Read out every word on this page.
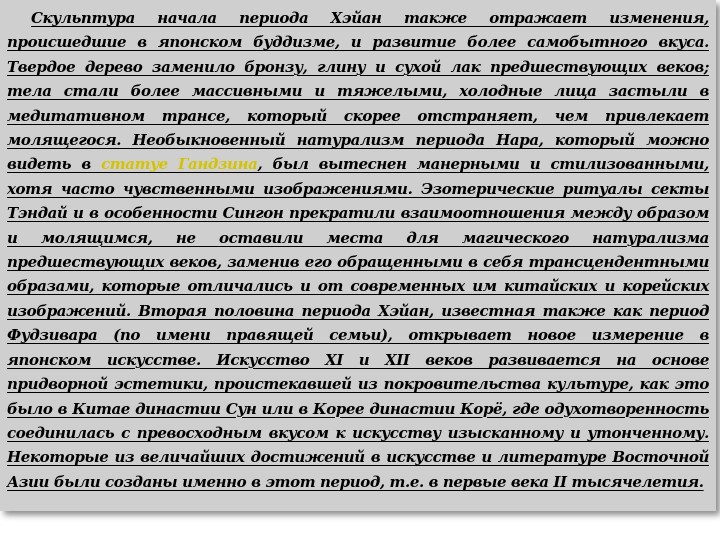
Скульптура начала периода Хэйан также отражает изменения, происшедшие в японском буддизме, и развитие более самобытного вкуса. Твердое дерево заменило бронзу, глину и сухой лак предшествующих веков; тела стали более массивными и тяжелыми, холодные лица застыли в медитативном трансе, который скорее отстраняет, чем привлекает молящегося. Необыкновенный натурализм периода Нара, который можно видеть в статуе Гандзина, был вытеснен манерными и стилизованными, хотя часто чувственными изображениями. Эзотерические ритуалы секты Тэндай и в особенности Сингон прекратили взаимоотношения между образом и молящимся, не оставили места для магического натурализма предшествующих веков, заменив его обращенными в себя трансцендентными образами, которые отличались и от современных им китайских и корейских изображений. Вторая половина периода Хэйан, известная также как период Фудзивара (по имени правящей семьи), открывает новое измерение в японском искусстве. Искусство XI и XII веков развивается на основе придворной эстетики, проистекавшей из покровительства культуре, как это было в Китае династии Сун или в Корее династии Корё, где одухотворенность соединилась с превосходным вкусом к искусству изысканному и утонченному. Некоторые из величайших достижений в искусстве и литературе Восточной Азии были созданы именно в этот период, т.е. в первые века II тысячелетия.
